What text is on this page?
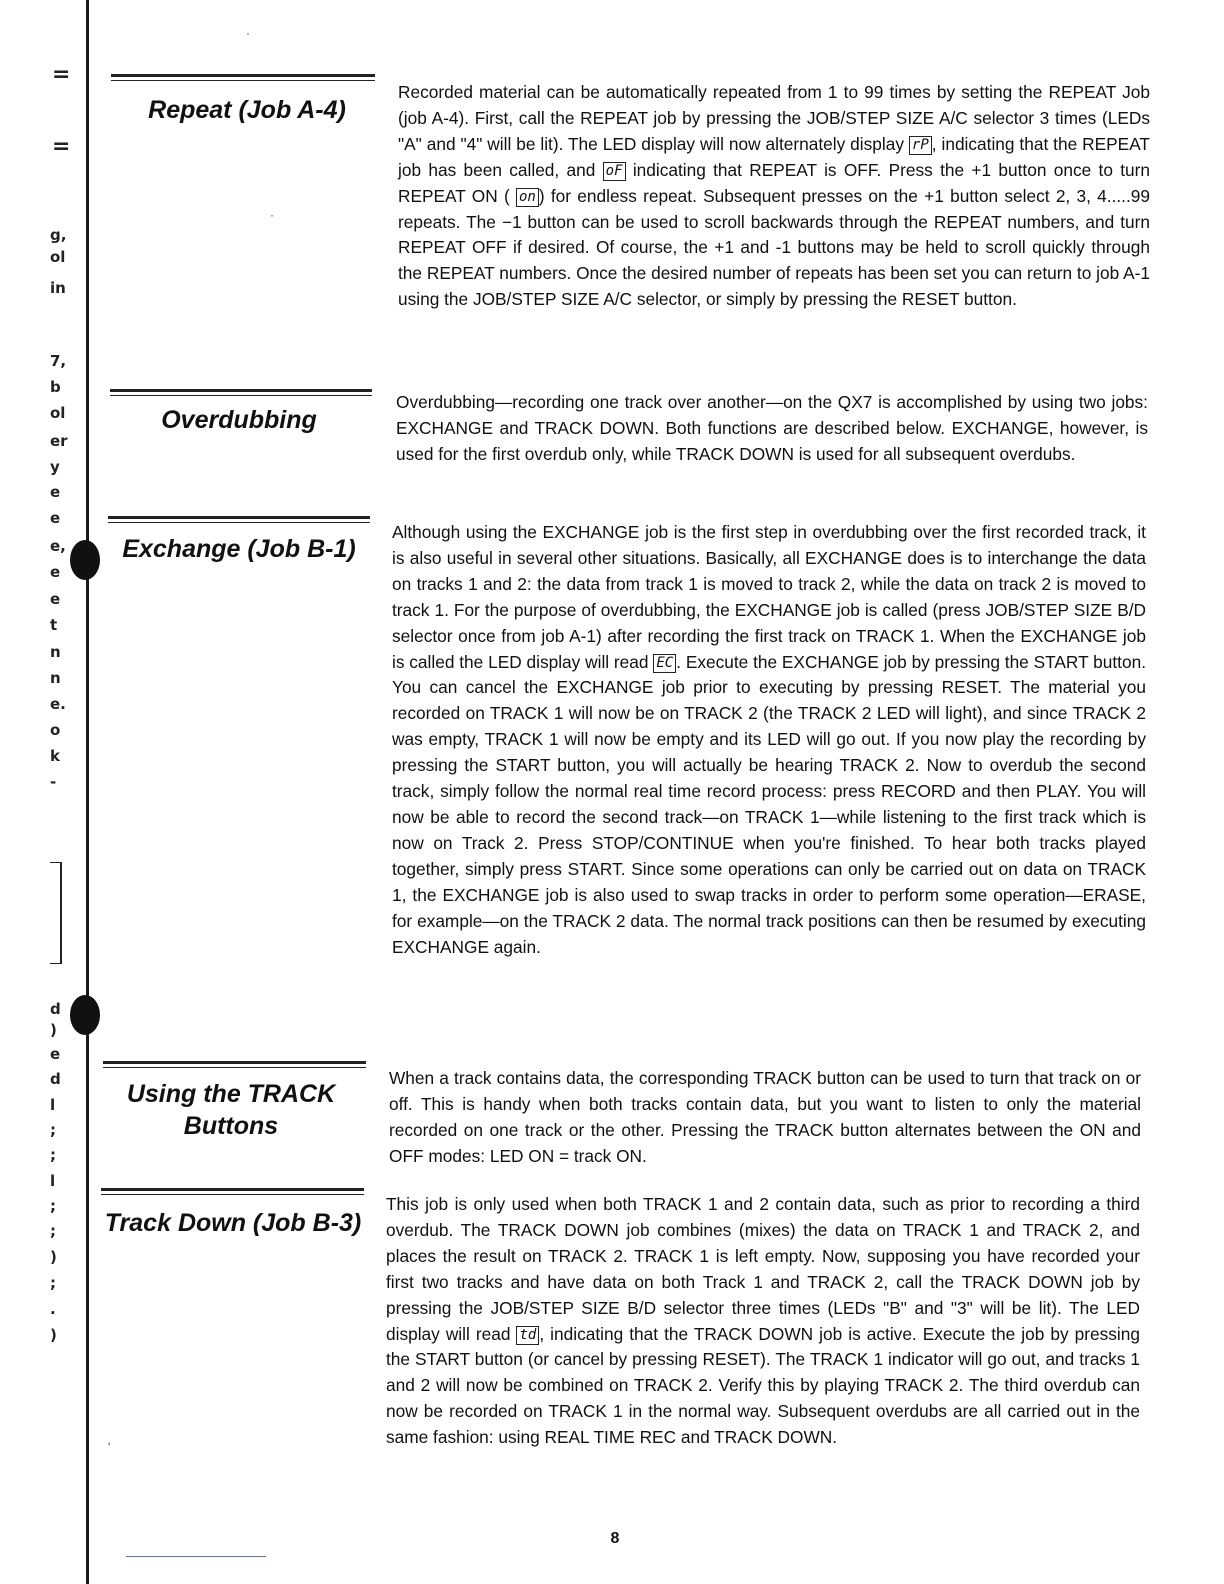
=
=
g,
ol
in
7,
b
ol
er
y
e
e
e,
e
e
t
n
n
e.
o
k
-
d
)
e
d
l
;
;
l
;
;
)
;
.
)
·
·
'
Repeat (Job A-4)
Overdubbing
Exchange (Job B-1)
Using the TRACK Buttons
Track Down (Job B-3)

Recorded material can be automatically repeated from 1 to 99 times by setting the REPEAT Job (job A-4). First, call the REPEAT job by pressing the JOB/STEP SIZE A/C selector 3 times (LEDs "A" and "4" will be lit). The LED display will now alternately display rP , indicating that the REPEAT job has been called, and oF indicating that REPEAT is OFF. Press the +1 button once to turn REPEAT ON ( on ) for endless repeat. Subsequent presses on the +1 button select 2, 3, 4.....99 repeats. The −1 button can be used to scroll backwards through the REPEAT numbers, and turn REPEAT OFF if desired. Of course, the +1 and -1 buttons may be held to scroll quickly through the REPEAT numbers. Once the desired number of repeats has been set you can return to job A-1 using the JOB/STEP SIZE A/C selector, or simply by pressing the RESET button.

Overdubbing—recording one track over another—on the QX7 is accomplished by using two jobs: EXCHANGE and TRACK DOWN. Both functions are described below. EXCHANGE, however, is used for the first overdub only, while TRACK DOWN is used for all subsequent overdubs.

Although using the EXCHANGE job is the first step in overdubbing over the first recorded track, it is also useful in several other situations. Basically, all EXCHANGE does is to interchange the data on tracks 1 and 2: the data from track 1 is moved to track 2, while the data on track 2 is moved to track 1. For the purpose of overdubbing, the EXCHANGE job is called (press JOB/STEP SIZE B/D selector once from job A-1) after recording the first track on TRACK 1. When the EXCHANGE job is called the LED display will read EC . Execute the EXCHANGE job by pressing the START button. You can cancel the EXCHANGE job prior to executing by pressing RESET. The material you recorded on TRACK 1 will now be on TRACK 2 (the TRACK 2 LED will light), and since TRACK 2 was empty, TRACK 1 will now be empty and its LED will go out. If you now play the recording by pressing the START button, you will actually be hearing TRACK 2. Now to overdub the second track, simply follow the normal real time record process: press RECORD and then PLAY. You will now be able to record the second track—on TRACK 1—while listening to the first track which is now on Track 2. Press STOP/CONTINUE when you're finished. To hear both tracks played together, simply press START. Since some operations can only be carried out on data on TRACK 1, the EXCHANGE job is also used to swap tracks in order to perform some operation—ERASE, for example—on the TRACK 2 data. The normal track positions can then be resumed by executing EXCHANGE again.

When a track contains data, the corresponding TRACK button can be used to turn that track on or off. This is handy when both tracks contain data, but you want to listen to only the material recorded on one track or the other. Pressing the TRACK button alternates between the ON and OFF modes: LED ON = track ON.

This job is only used when both TRACK 1 and 2 contain data, such as prior to recording a third overdub. The TRACK DOWN job combines (mixes) the data on TRACK 1 and TRACK 2, and places the result on TRACK 2. TRACK 1 is left empty. Now, supposing you have recorded your first two tracks and have data on both Track 1 and TRACK 2, call the TRACK DOWN job by pressing the JOB/STEP SIZE B/D selector three times (LEDs "B" and "3" will be lit). The LED display will read td , indicating that the TRACK DOWN job is active. Execute the job by pressing the START button (or cancel by pressing RESET). The TRACK 1 indicator will go out, and tracks 1 and 2 will now be combined on TRACK 2. Verify this by playing TRACK 2. The third overdub can now be recorded on TRACK 1 in the normal way. Subsequent overdubs are all carried out in the same fashion: using REAL TIME REC and TRACK DOWN.

8
